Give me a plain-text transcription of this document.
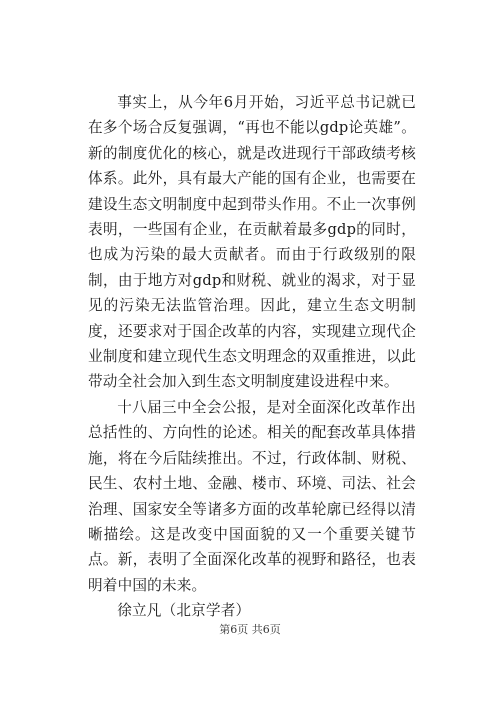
事实上，从今年6月开始，习近平总书记就已在多个场合反复强调，“再也不能以gdp论英雄”。新的制度优化的核心，就是改进现行干部政绩考核体系。此外，具有最大产能的国有企业，也需要在建设生态文明制度中起到带头作用。不止一次事例表明，一些国有企业，在贡献着最多gdp的同时，也成为污染的最大贡献者。而由于行政级别的限制，由于地方对gdp和财税、就业的渴求，对于显见的污染无法监管治理。因此，建立生态文明制度，还要求对于国企改革的内容，实现建立现代企业制度和建立现代生态文明理念的双重推进，以此带动全社会加入到生态文明制度建设进程中来。

十八届三中全会公报，是对全面深化改革作出总括性的、方向性的论述。相关的配套改革具体措施，将在今后陆续推出。不过，行政体制、财税、民生、农村土地、金融、楼市、环境、司法、社会治理、国家安全等诸多方面的改革轮廓已经得以清晰描绘。这是改变中国面貌的又一个重要关键节点。新，表明了全面深化改革的视野和路径，也表明着中国的未来。

徐立凡（北京学者）

第6页 共6页
